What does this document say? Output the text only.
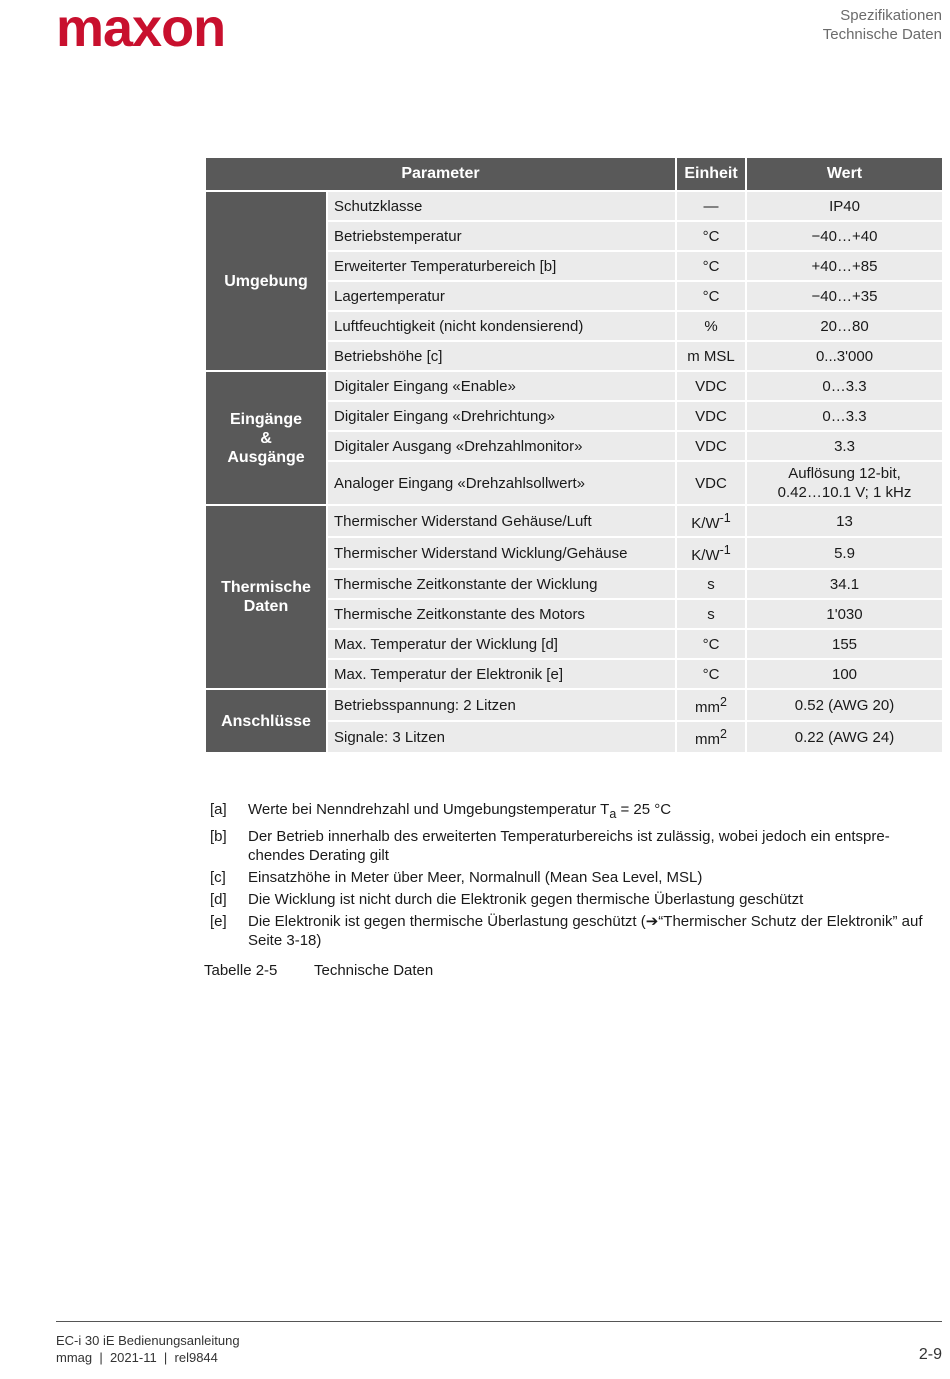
maxon	Spezifikationen
Technische Daten
Parameter		Einheit	Wert

Umgebung	Schutzklasse	—	IP40

	Betriebstemperatur	°C	−40…+40

	Erweiterter Temperaturbereich [b]	°C	+40…+85

	Lagertemperatur	°C	−40…+35

	Luftfeuchtigkeit (nicht kondensierend)	%	20…80

	Betriebshöhe [c]	m MSL	0...3'000

Eingänge
&
Ausgänge	Digitaler Eingang «Enable»	VDC	0…3.3

	Digitaler Eingang «Drehrichtung»	VDC	0…3.3

	Digitaler Ausgang «Drehzahlmonitor»	VDC	3.3

	Analoger Eingang «Drehzahlsollwert»	VDC	Auflösung 12-bit,
0.42…10.1 V; 1 kHz

Thermische
Daten	Thermischer Widerstand Gehäuse/Luft	$K/W^{-1}$	13

	Thermischer Widerstand Wicklung/Gehäuse	$K/W^{-1}$	5.9

	Thermische Zeitkonstante der Wicklung	s	34.1

	Thermische Zeitkonstante des Motors	s	1'030

	Max. Temperatur der Wicklung [d]	°C	155

	Max. Temperatur der Elektronik [e]	°C	100

Anschlüsse	Betriebsspannung: 2 Litzen	$mm^2$	0.52 (AWG 20)

	Signale: 3 Litzen	$mm^2$	0.22 (AWG 24)
[a]	Werte bei Nenndrehzahl und Umgebungstemperatur $T_a = 25$ °C
[b]	Der Betrieb innerhalb des erweiterten Temperaturbereichs ist zulässig, wobei jedoch ein entspre-chendes Derating gilt
[c]	Einsatzhöhe in Meter über Meer, Normalnull (Mean Sea Level, MSL)
[d]	Die Wicklung ist nicht durch die Elektronik gegen thermische Überlastung geschützt
[e]	Die Elektronik ist gegen thermische Überlastung geschützt (➔“Thermischer Schutz der Elektronik” auf Seite 3-18)
Tabelle 2-5	Technische Daten
EC-i 30 iE Bedienungsanleitung
mmag  |  2021-11  |  rel9844	2-9
